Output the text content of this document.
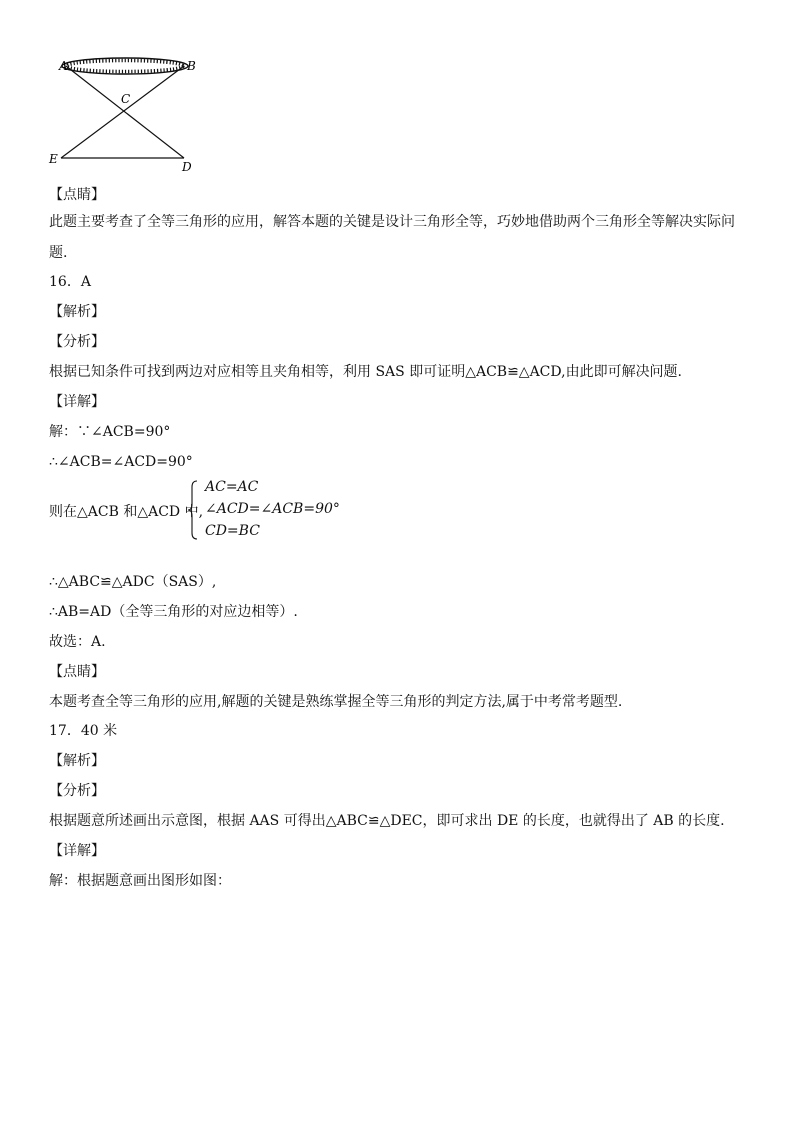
A	B
C
E
D
【点睛】
此题主要考查了全等三角形的应用，解答本题的关键是设计三角形全等，巧妙地借助两个三角形全等解决实际问
题.
16．A
【解析】
【分析】
根据已知条件可找到两边对应相等且夹角相等，利用 SAS 即可证明△ACB≌△ACD,由此即可解决问题.
【详解】
解：∵∠ACB=90°
∴∠ACB=∠ACD=90°
则在△ACB 和△ACD 中,
AC=AC
∠ACD=∠ACB=90°
CD=BC
∴△ABC≌△ADC（SAS）,
∴AB=AD（全等三角形的对应边相等）.
故选：A.
【点睛】
本题考查全等三角形的应用,解题的关键是熟练掌握全等三角形的判定方法,属于中考常考题型.
17．40 米
【解析】
【分析】
根据题意所述画出示意图，根据 AAS 可得出△ABC≌△DEC，即可求出 DE 的长度，也就得出了 AB 的长度.
【详解】
解：根据题意画出图形如图：
